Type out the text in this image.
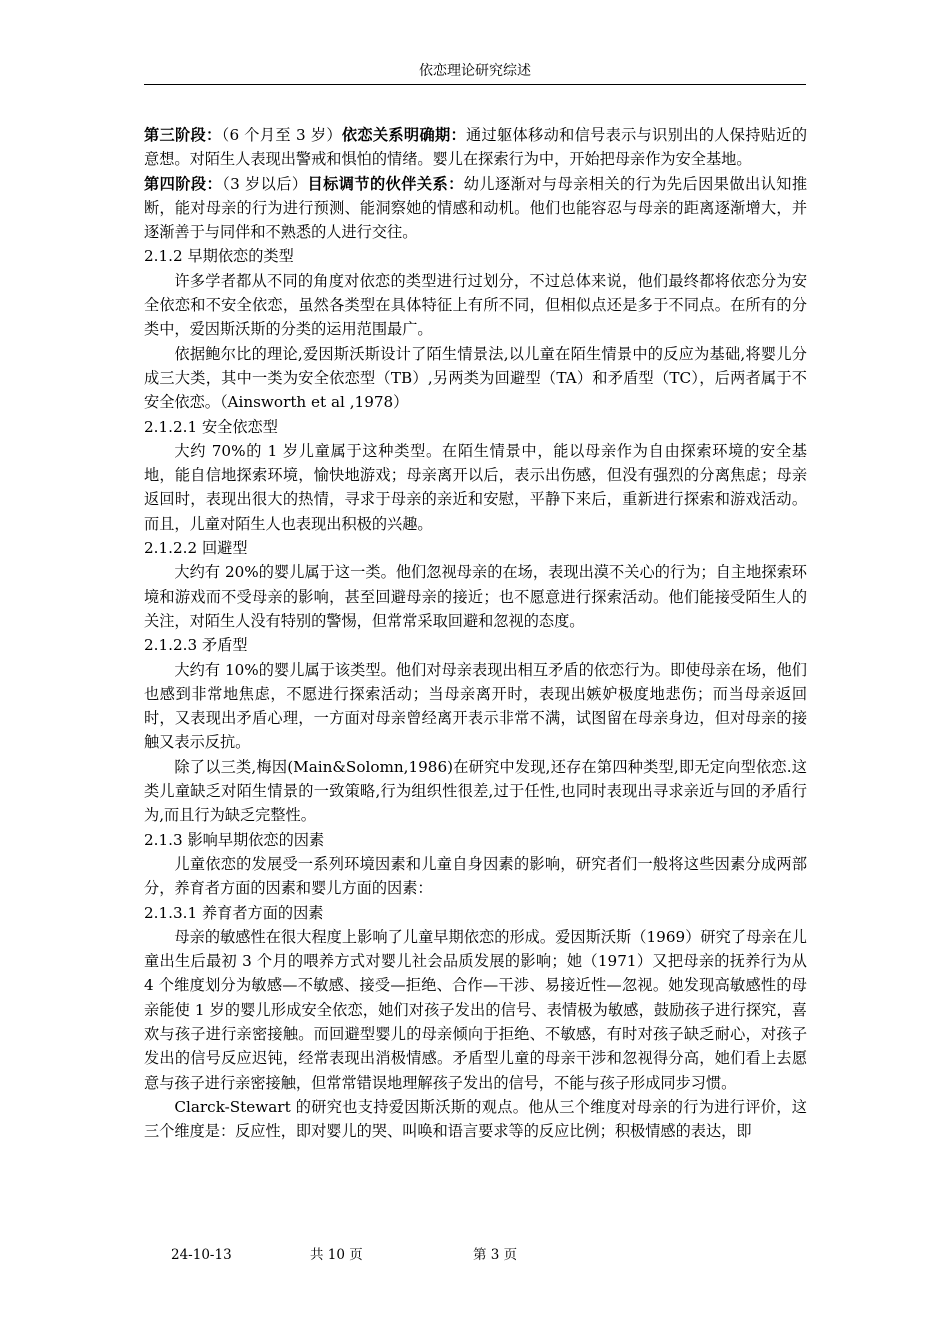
依恋理论研究综述

第三阶段：（6 个月至 3 岁）依恋关系明确期：通过躯体移动和信号表示与识别出的人保持贴近的意想。对陌生人表现出警戒和惧怕的情绪。婴儿在探索行为中，开始把母亲作为安全基地。

第四阶段：（3 岁以后）目标调节的伙伴关系：幼儿逐渐对与母亲相关的行为先后因果做出认知推断，能对母亲的行为进行预测、能洞察她的情感和动机。他们也能容忍与母亲的距离逐渐增大，并逐渐善于与同伴和不熟悉的人进行交往。

2.1.2 早期依恋的类型

许多学者都从不同的角度对依恋的类型进行过划分，不过总体来说，他们最终都将依恋分为安全依恋和不安全依恋，虽然各类型在具体特征上有所不同，但相似点还是多于不同点。在所有的分类中，爱因斯沃斯的分类的运用范围最广。

依据鲍尔比的理论,爱因斯沃斯设计了陌生情景法,以儿童在陌生情景中的反应为基础,将婴儿分成三大类，其中一类为安全依恋型（TB）,另两类为回避型（TA）和矛盾型（TC），后两者属于不安全依恋。（Ainsworth et al ,1978）

2.1.2.1 安全依恋型

大约 70%的 1 岁儿童属于这种类型。在陌生情景中，能以母亲作为自由探索环境的安全基地，能自信地探索环境，愉快地游戏；母亲离开以后，表示出伤感，但没有强烈的分离焦虑；母亲返回时，表现出很大的热情，寻求于母亲的亲近和安慰，平静下来后，重新进行探索和游戏活动。而且，儿童对陌生人也表现出积极的兴趣。

2.1.2.2 回避型

大约有 20%的婴儿属于这一类。他们忽视母亲的在场，表现出漠不关心的行为；自主地探索环境和游戏而不受母亲的影响，甚至回避母亲的接近；也不愿意进行探索活动。他们能接受陌生人的关注，对陌生人没有特别的警惕，但常常采取回避和忽视的态度。

2.1.2.3 矛盾型

大约有 10%的婴儿属于该类型。他们对母亲表现出相互矛盾的依恋行为。即使母亲在场，他们也感到非常地焦虑，不愿进行探索活动；当母亲离开时，表现出嫉妒极度地悲伤；而当母亲返回时，又表现出矛盾心理，一方面对母亲曾经离开表示非常不满，试图留在母亲身边，但对母亲的接触又表示反抗。

除了以三类,梅因(Main&Solomn,1986)在研究中发现,还存在第四种类型,即无定向型依恋.这类儿童缺乏对陌生情景的一致策略,行为组织性很差,过于任性,也同时表现出寻求亲近与回的矛盾行为,而且行为缺乏完整性。

2.1.3 影响早期依恋的因素

儿童依恋的发展受一系列环境因素和儿童自身因素的影响，研究者们一般将这些因素分成两部分，养育者方面的因素和婴儿方面的因素：

2.1.3.1 养育者方面的因素

母亲的敏感性在很大程度上影响了儿童早期依恋的形成。爱因斯沃斯（1969）研究了母亲在儿童出生后最初 3 个月的喂养方式对婴儿社会品质发展的影响；她（1971）又把母亲的抚养行为从 4 个维度划分为敏感—不敏感、接受—拒绝、合作—干涉、易接近性—忽视。她发现高敏感性的母亲能使 1 岁的婴儿形成安全依恋，她们对孩子发出的信号、表情极为敏感，鼓励孩子进行探究，喜欢与孩子进行亲密接触。而回避型婴儿的母亲倾向于拒绝、不敏感，有时对孩子缺乏耐心，对孩子发出的信号反应迟钝，经常表现出消极情感。矛盾型儿童的母亲干涉和忽视得分高，她们看上去愿意与孩子进行亲密接触，但常常错误地理解孩子发出的信号，不能与孩子形成同步习惯。

Clarck-Stewart 的研究也支持爱因斯沃斯的观点。他从三个维度对母亲的行为进行评价，这三个维度是：反应性，即对婴儿的哭、叫唤和语言要求等的反应比例；积极情感的表达，即

24-10-13	共 10 页	第 3 页
